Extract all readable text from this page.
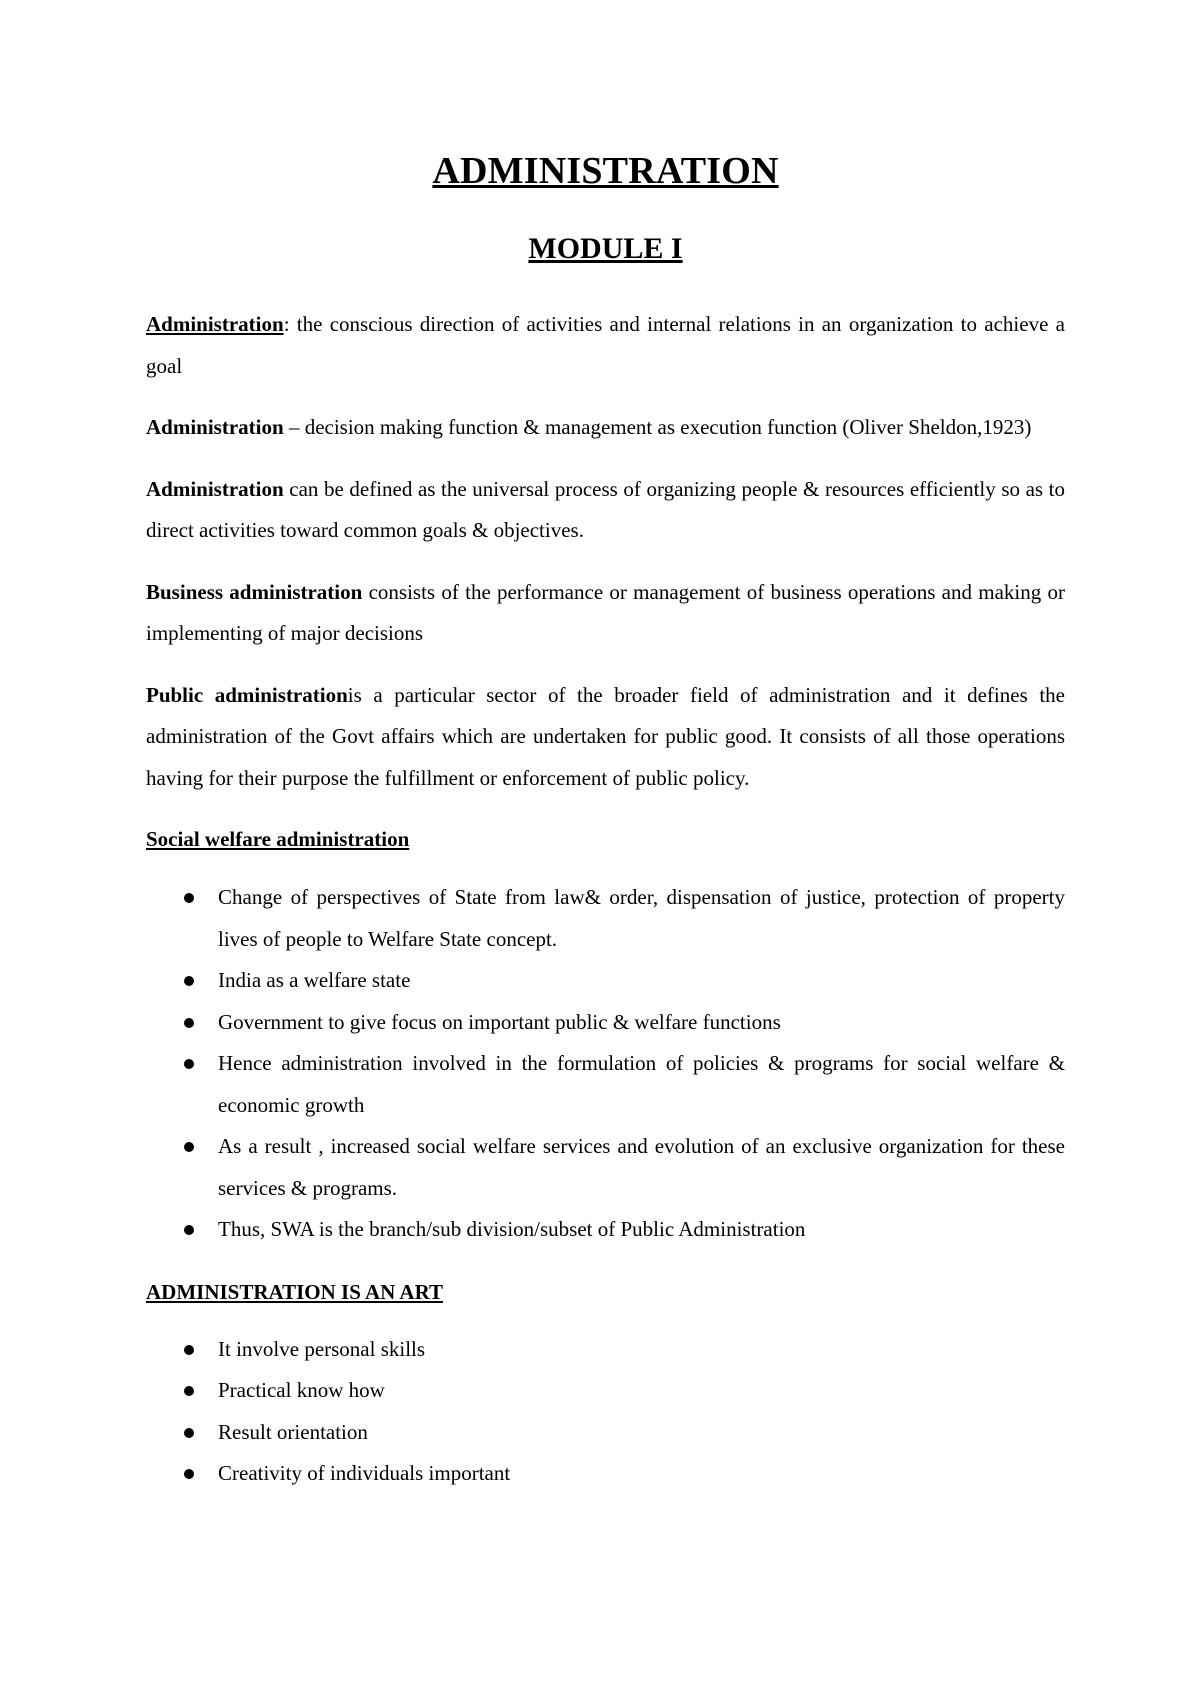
ADMINISTRATION
MODULE I

Administration: the conscious direction of activities and internal relations in an organization to achieve a goal

Administration – decision making function & management as execution function (Oliver Sheldon,1923)

Administration can be defined as the universal process of organizing people & resources efficiently so as to direct activities toward common goals & objectives.

Business administration consists of the performance or management of business operations and making or implementing of major decisions

Public administrationis a particular sector of the broader field of administration and it defines the administration of the Govt affairs which are undertaken for public good. It consists of all those operations having for their purpose the fulfillment or enforcement of public policy.

Social welfare administration
Change of perspectives of State from law& order, dispensation of justice, protection of property lives of people to Welfare State concept.
India as a welfare state
Government to give focus on important public & welfare functions
Hence administration involved in the formulation of policies & programs for social welfare & economic growth
As a result , increased social welfare services and evolution of an exclusive organization for these services & programs.
Thus, SWA is the branch/sub division/subset of Public Administration
ADMINISTRATION IS AN ART
It involve personal skills
Practical know how
Result orientation
Creativity of individuals important
